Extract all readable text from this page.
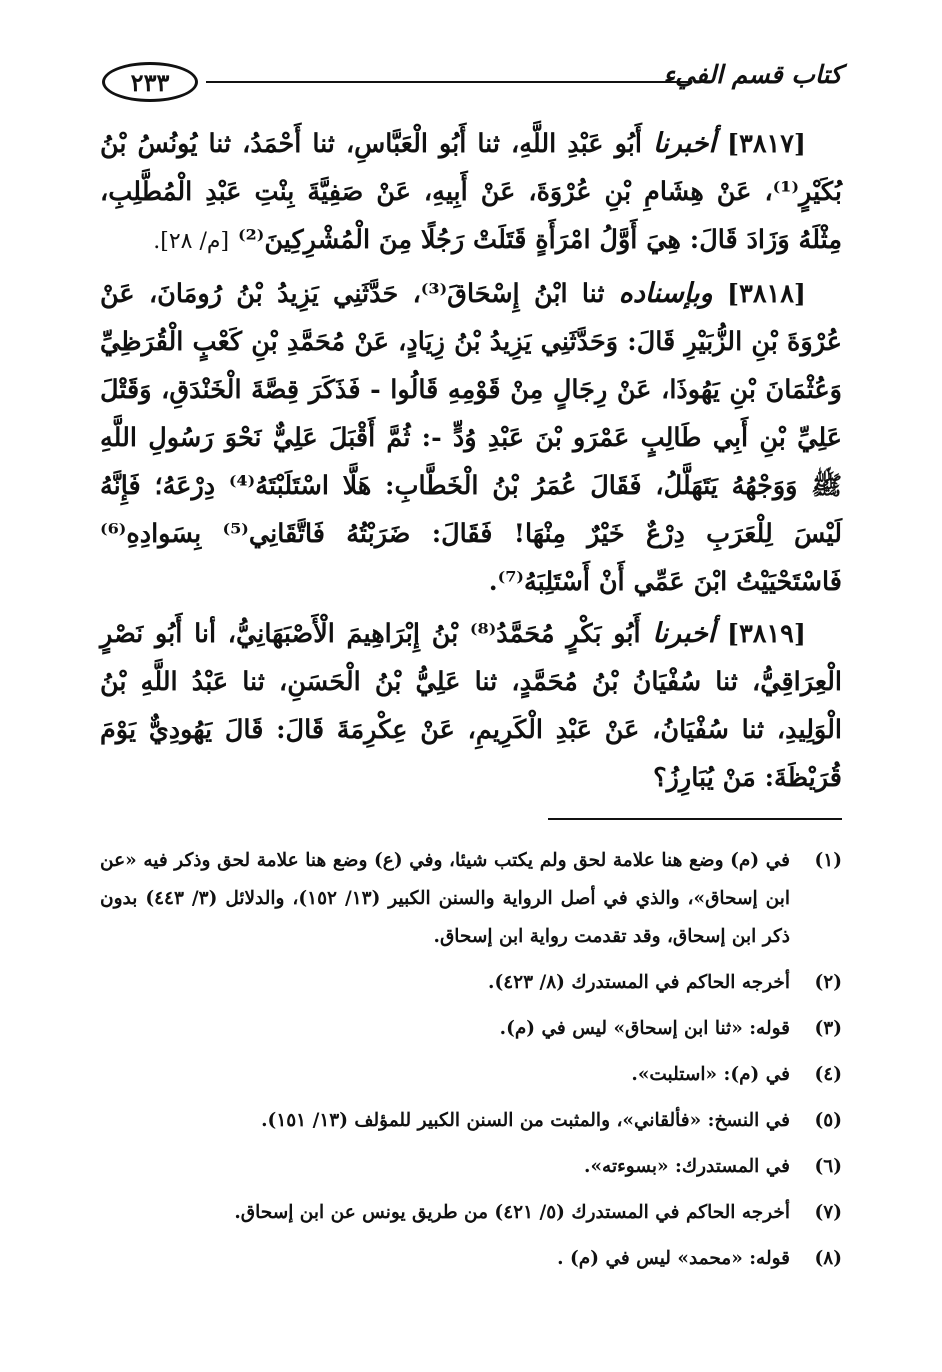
٢٣٣	كتاب قسم الفيء

[٣٨١٧] أخبرنا أَبُو عَبْدِ اللَّهِ، ثنا أَبُو الْعَبَّاسِ، ثنا أَحْمَدُ، ثنا يُونُسُ بْنُ بُكَيْرٍ⁽¹⁾، عَنْ هِشَامِ بْنِ عُرْوَةَ، عَنْ أَبِيهِ، عَنْ صَفِيَّةَ بِنْتِ عَبْدِ الْمُطَّلِبِ، مِثْلَهُ وَزَادَ قَالَ: هِيَ أَوَّلُ امْرَأَةٍ قَتَلَتْ رَجُلًا مِنَ الْمُشْرِكِينَ⁽²⁾ [م/ ٢٨].

[٣٨١٨] وبإسناده ثنا ابْنُ إِسْحَاقَ⁽³⁾، حَدَّثَنِي يَزِيدُ بْنُ رُومَانَ، عَنْ عُرْوَةَ بْنِ الزُّبَيْرِ قَالَ: وَحَدَّثَنِي يَزِيدُ بْنُ زِيَادٍ، عَنْ مُحَمَّدِ بْنِ كَعْبٍ الْقُرَظِيِّ وَعُثْمَانَ بْنِ يَهُوذَا، عَنْ رِجَالٍ مِنْ قَوْمِهِ قَالُوا - فَذَكَرَ قِصَّةَ الْخَنْدَقِ، وَقَتْلَ عَلِيِّ بْنِ أَبِي طَالِبٍ عَمْرَو بْنَ عَبْدِ وُدٍّ -: ثُمَّ أَقْبَلَ عَلِيٌّ نَحْوَ رَسُولِ اللَّهِ ﷺ وَوَجْهُهُ يَتَهَلَّلُ، فَقَالَ عُمَرُ بْنُ الْخَطَّابِ: هَلَّا اسْتَلَبْتَهُ⁽⁴⁾ دِرْعَهُ؛ فَإِنَّهُ لَيْسَ لِلْعَرَبِ دِرْعٌ خَيْرٌ مِنْهَا! فَقَالَ: ضَرَبْتُهُ فَاتَّقَانِي⁽⁵⁾ بِسَوادِهِ⁽⁶⁾ فَاسْتَحْيَيْتُ ابْنَ عَمِّي أَنْ أَسْتَلِبَهُ⁽⁷⁾.

[٣٨١٩] أخبرنا أَبُو بَكْرٍ مُحَمَّدُ⁽⁸⁾ بْنُ إِبْرَاهِيمَ الْأَصْبَهَانِيُّ، أنا أَبُو نَصْرٍ الْعِرَاقِيُّ، ثنا سُفْيَانُ بْنُ مُحَمَّدٍ، ثنا عَلِيُّ بْنُ الْحَسَنِ، ثنا عَبْدُ اللَّهِ بْنُ الْوَلِيدِ، ثنا سُفْيَانُ، عَنْ عَبْدِ الْكَرِيمِ، عَنْ عِكْرِمَةَ قَالَ: قَالَ يَهُودِيٌّ يَوْمَ قُرَيْظَةَ: مَنْ يُبَارِزُ؟

(١)
في (م) وضع هنا علامة لحق ولم يكتب شيئا، وفي (ع) وضع هنا علامة لحق وذكر فيه «عن ابن إسحاق»، والذي في أصل الرواية والسنن الكبير (١٣/ ١٥٢)، والدلائل (٣/ ٤٤٣) بدون ذكر ابن إسحاق، وقد تقدمت رواية ابن إسحاق.
(٢)
أخرجه الحاكم في المستدرك (٨/ ٤٢٣).
(٣)
قوله: «ثنا ابن إسحاق» ليس في (م).
(٤)
في (م): «استلبت».
(٥)
في النسخ: «فألقاني»، والمثبت من السنن الكبير للمؤلف (١٣/ ١٥١).
(٦)
في المستدرك: «بسوءته».
(٧)
أخرجه الحاكم في المستدرك (٥/ ٤٢١) من طريق يونس عن ابن إسحاق.
(٨)
قوله: «محمد» ليس في (م) .
